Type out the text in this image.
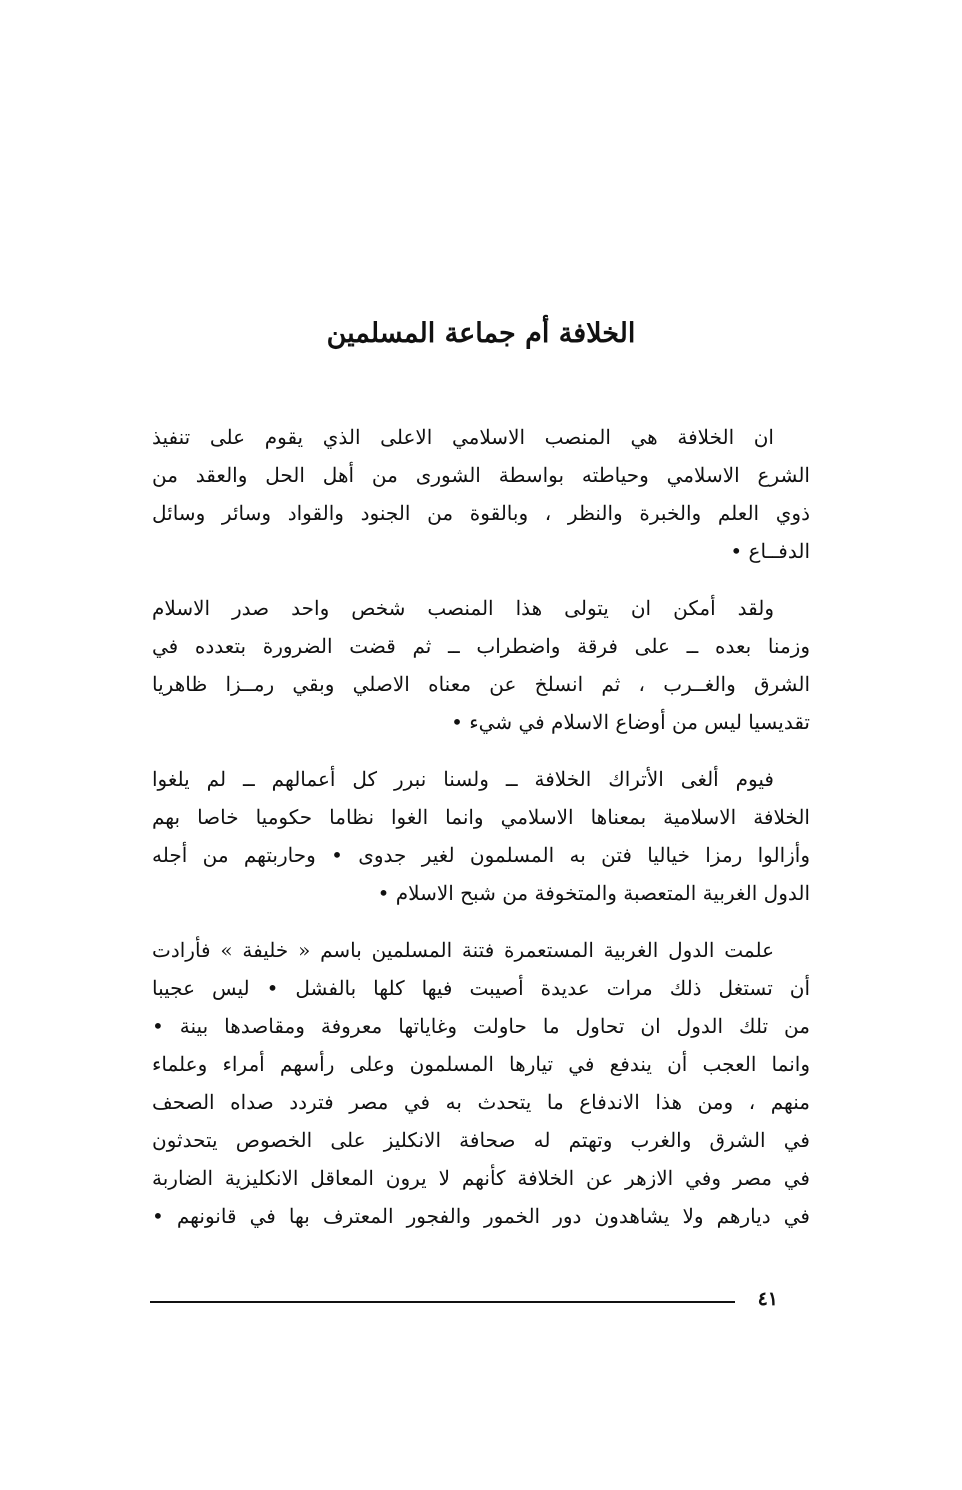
الخلافة أم جماعة المسلمين
ان الخلافة هي المنصب الاسلامي الاعلى الذي يقوم على تنفيذ
الشرع الاسلامي وحياطته بواسطة الشورى من أهل الحل والعقد من
ذوي العلم والخبرة والنظر ، وبالقوة من الجنود والقواد وسائر وسائل
الدفــاع •
ولقد أمكن ان يتولى هذا المنصب شخص واحد صدر الاسلام
وزمنا بعده ــ على فرقة واضطراب ــ ثم قضت الضرورة بتعدده في
الشرق والغــرب ، ثم انسلخ عن معناه الاصلي وبقي رمــزا ظاهريا
تقديسيا ليس من أوضاع الاسلام في شيء •
فيوم ألغى الأتراك الخلافة ــ ولسنا نبرر كل أعمالهم ــ لم يلغوا
الخلافة الاسلامية بمعناها الاسلامي وانما الغوا نظاما حكوميا خاصا بهم
وأزالوا رمزا خياليا فتن به المسلمون لغير جدوى • وحاربتهم من أجله
الدول الغربية المتعصبة والمتخوفة من شبح الاسلام •
علمت الدول الغربية المستعمرة فتنة المسلمين باسم « خليفة » فأرادت
أن تستغل ذلك مرات عديدة أصيبت فيها كلها بالفشل • ليس عجيبا
من تلك الدول ان تحاول ما حاولت وغاياتها معروفة ومقاصدها بينة •
وانما العجب أن يندفع في تيارها المسلمون وعلى رأسهم أمراء وعلماء
منهم ، ومن هذا الاندفاع ما يتحدث به في مصر فتردد صداه الصحف
في الشرق والغرب وتهتم له صحافة الانكليز على الخصوص يتحدثون
في مصر وفي الازهر عن الخلافة كأنهم لا يرون المعاقل الانكليزية الضاربة
في ديارهم ولا يشاهدون دور الخمور والفجور المعترف بها في قانونهم •
٤١
